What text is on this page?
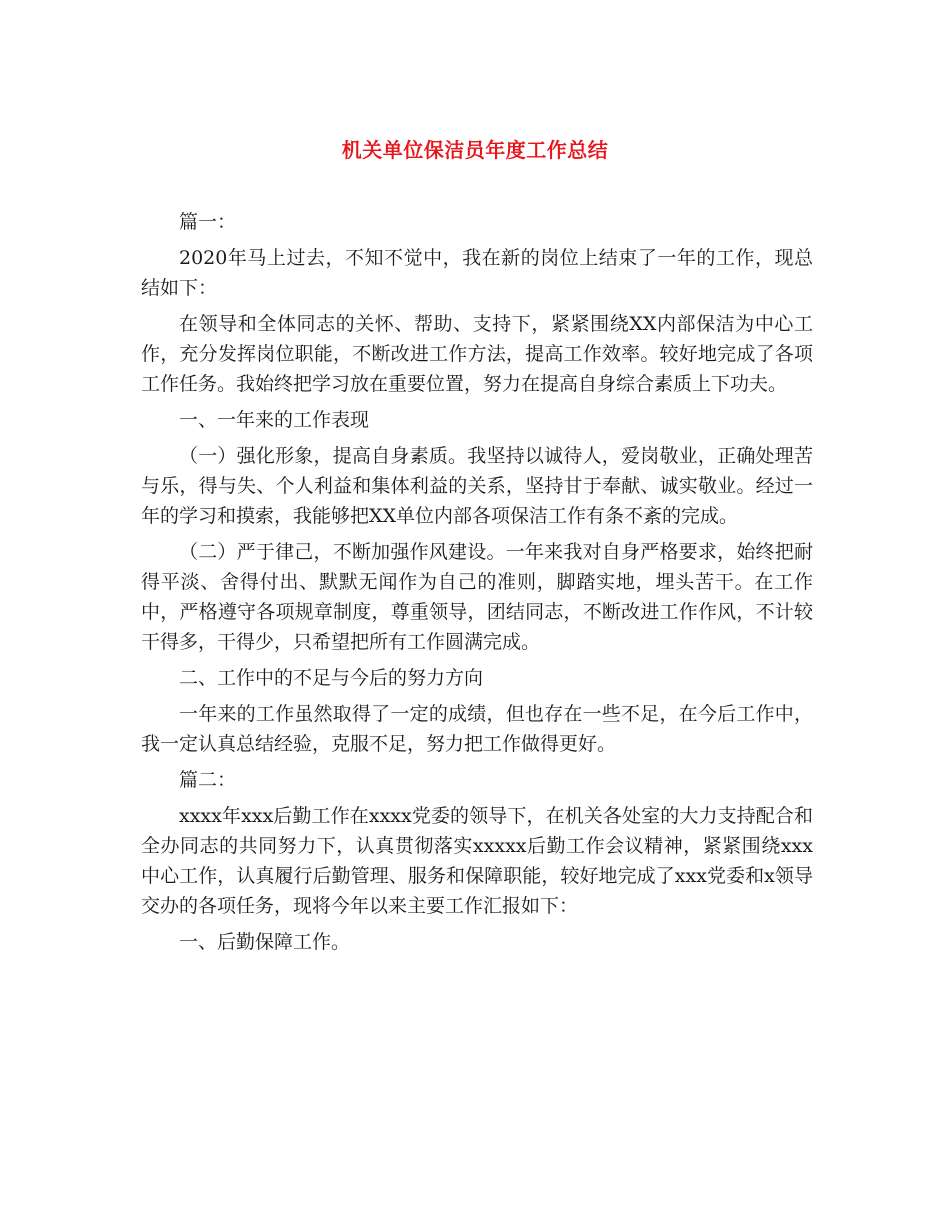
机关单位保洁员年度工作总结

篇一：

2020年马上过去，不知不觉中，我在新的岗位上结束了一年的工作，现总结如下：

在领导和全体同志的关怀、帮助、支持下，紧紧围绕XX内部保洁为中心工作，充分发挥岗位职能，不断改进工作方法，提高工作效率。较好地完成了各项工作任务。我始终把学习放在重要位置，努力在提高自身综合素质上下功夫。

一、一年来的工作表现

（一）强化形象，提高自身素质。我坚持以诚待人，爱岗敬业，正确处理苦与乐，得与失、个人利益和集体利益的关系，坚持甘于奉献、诚实敬业。经过一年的学习和摸索，我能够把XX单位内部各项保洁工作有条不紊的完成。

（二）严于律己，不断加强作风建设。一年来我对自身严格要求，始终把耐得平淡、舍得付出、默默无闻作为自己的准则，脚踏实地，埋头苦干。在工作中，严格遵守各项规章制度，尊重领导，团结同志，不断改进工作作风，不计较干得多，干得少，只希望把所有工作圆满完成。

二、工作中的不足与今后的努力方向

一年来的工作虽然取得了一定的成绩，但也存在一些不足，在今后工作中，我一定认真总结经验，克服不足，努力把工作做得更好。

篇二：

xxxx年xxx后勤工作在xxxx党委的领导下，在机关各处室的大力支持配合和全办同志的共同努力下，认真贯彻落实xxxxx后勤工作会议精神，紧紧围绕xxx中心工作，认真履行后勤管理、服务和保障职能，较好地完成了xxx党委和x领导交办的各项任务，现将今年以来主要工作汇报如下：

一、后勤保障工作。
